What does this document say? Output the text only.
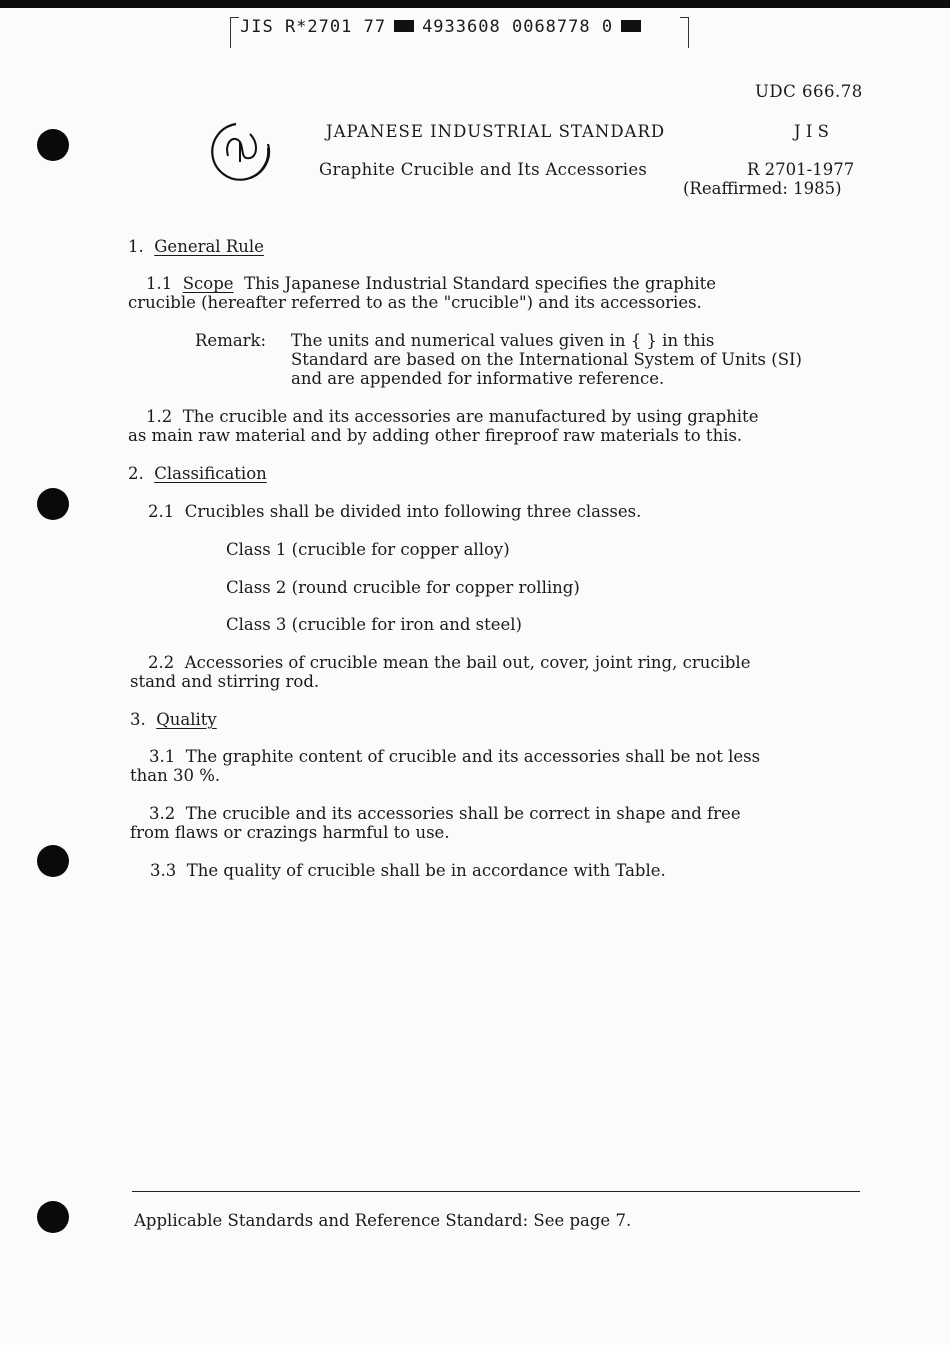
JIS R*2701 77 4933608 0068778 0
UDC 666.78
JAPANESE INDUSTRIAL STANDARD	J I S
Graphite Crucible and Its Accessories	R 2701-1977
(Reaffirmed: 1985)
1. General Rule
1.1 Scope This Japanese Industrial Standard specifies the graphite
crucible (hereafter referred to as the "crucible") and its accessories.
Remark: The units and numerical values given in { } in this
Standard are based on the International System of Units (SI)
and are appended for informative reference.
1.2 The crucible and its accessories are manufactured by using graphite
as main raw material and by adding other fireproof raw materials to this.
2. Classification
2.1 Crucibles shall be divided into following three classes.
Class 1 (crucible for copper alloy)
Class 2 (round crucible for copper rolling)
Class 3 (crucible for iron and steel)
2.2 Accessories of crucible mean the bail out, cover, joint ring, crucible
stand and stirring rod.
3. Quality
3.1 The graphite content of crucible and its accessories shall be not less
than 30 %.
3.2 The crucible and its accessories shall be correct in shape and free
from flaws or crazings harmful to use.
3.3 The quality of crucible shall be in accordance with Table.
Applicable Standards and Reference Standard: See page 7.
